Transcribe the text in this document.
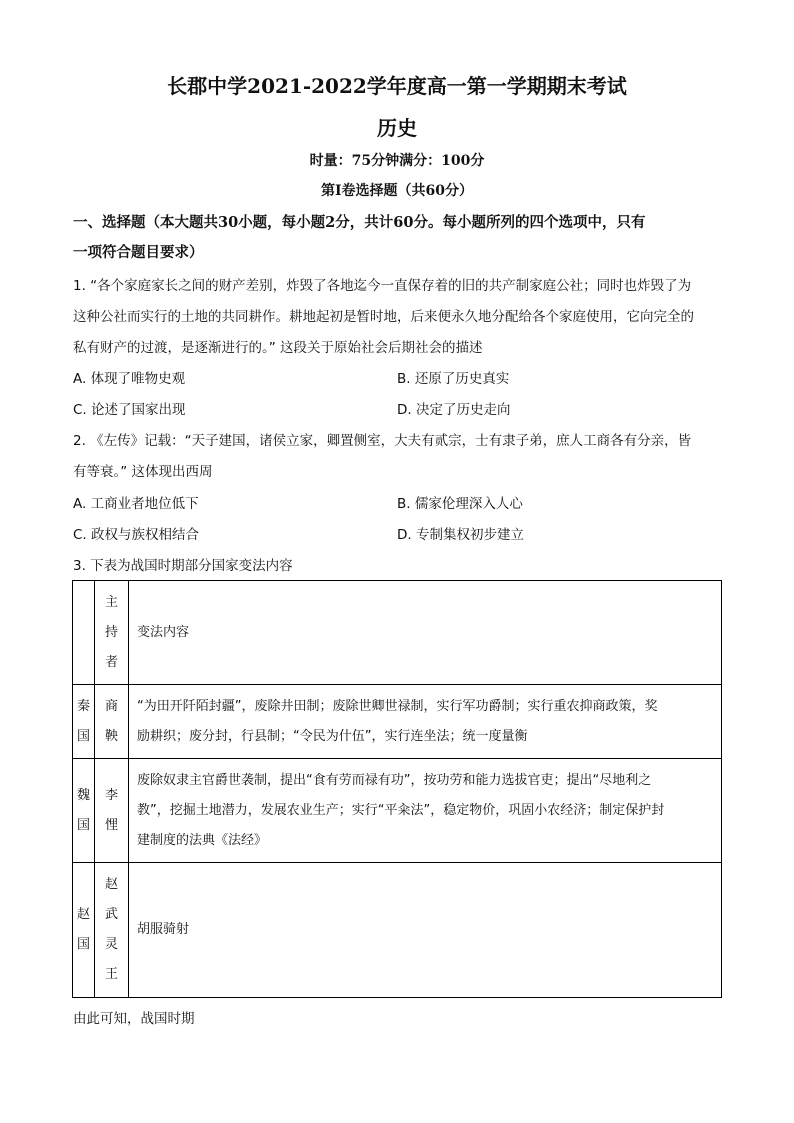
长郡中学2021-2022学年度高一第一学期期末考试
历史
时量：75分钟满分：100分
第Ⅰ卷选择题（共60分）
一、选择题（本大题共30小题，每小题2分，共计60分。每小题所列的四个选项中，只有
一项符合题目要求）
1. “各个家庭家长之间的财产差别，炸毁了各地迄今一直保存着的旧的共产制家庭公社；同时也炸毁了为
这种公社而实行的土地的共同耕作。耕地起初是暂时地，后来便永久地分配给各个家庭使用，它向完全的
私有财产的过渡，是逐渐进行的。” 这段关于原始社会后期社会的描述
A. 体现了唯物史观	B. 还原了历史真实
C. 论述了国家出现	D. 决定了历史走向
2. 《左传》记载：“天子建国，诸侯立家，卿置侧室，大夫有贰宗，士有隶子弟，庶人工商各有分亲，皆
有等衰。” 这体现出西周
A. 工商业者地位低下	B. 儒家伦理深入人心
C. 政权与族权相结合	D. 专制集权初步建立
3. 下表为战国时期部分国家变法内容

	主
持
者	变法内容

秦
国	商
鞅	“为田开阡陌封疆”，废除井田制；废除世卿世禄制，实行军功爵制；实行重农抑商政策，奖
励耕织；废分封，行县制；“令民为什伍”，实行连坐法；统一度量衡

魏
国	李
悝	废除奴隶主官爵世袭制，提出“食有劳而禄有功”，按功劳和能力选拔官吏；提出“尽地利之
教”，挖掘土地潜力，发展农业生产；实行“平籴法”，稳定物价，巩固小农经济；制定保护封
建制度的法典《法经》

赵
国	赵
武
灵
王	胡服骑射
由此可知，战国时期
